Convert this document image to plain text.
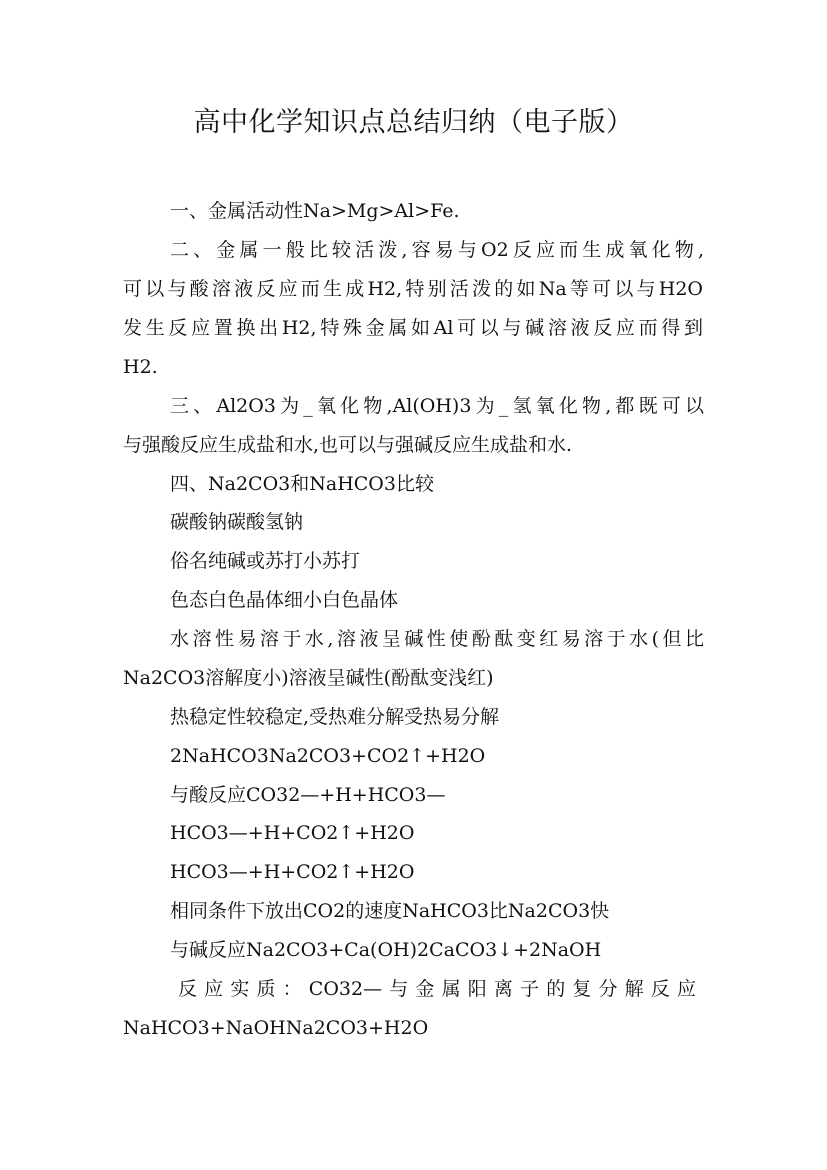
高中化学知识点总结归纳（电子版）
一、金属活动性Na>Mg>Al>Fe.
二、金属一般比较活泼,容易与O2反应而生成氧化物,
可以与酸溶液反应而生成H2,特别活泼的如Na等可以与H2O
发生反应置换出H2,特殊金属如Al可以与碱溶液反应而得到
H2.
三、Al2O3为_氧化物,Al(OH)3为_氢氧化物,都既可以
与强酸反应生成盐和水,也可以与强碱反应生成盐和水.
四、Na2CO3和NaHCO3比较
碳酸钠碳酸氢钠
俗名纯碱或苏打小苏打
色态白色晶体细小白色晶体
水溶性易溶于水,溶液呈碱性使酚酞变红易溶于水(但比
Na2CO3溶解度小)溶液呈碱性(酚酞变浅红)
热稳定性较稳定,受热难分解受热易分解
2NaHCO3Na2CO3+CO2↑+H2O
与酸反应CO32—+H+HCO3—
HCO3—+H+CO2↑+H2O
HCO3—+H+CO2↑+H2O
相同条件下放出CO2的速度NaHCO3比Na2CO3快
与碱反应Na2CO3+Ca(OH)2CaCO3↓+2NaOH
反应实质：CO32—与金属阳离子的复分解反应
NaHCO3+NaOHNa2CO3+H2O
